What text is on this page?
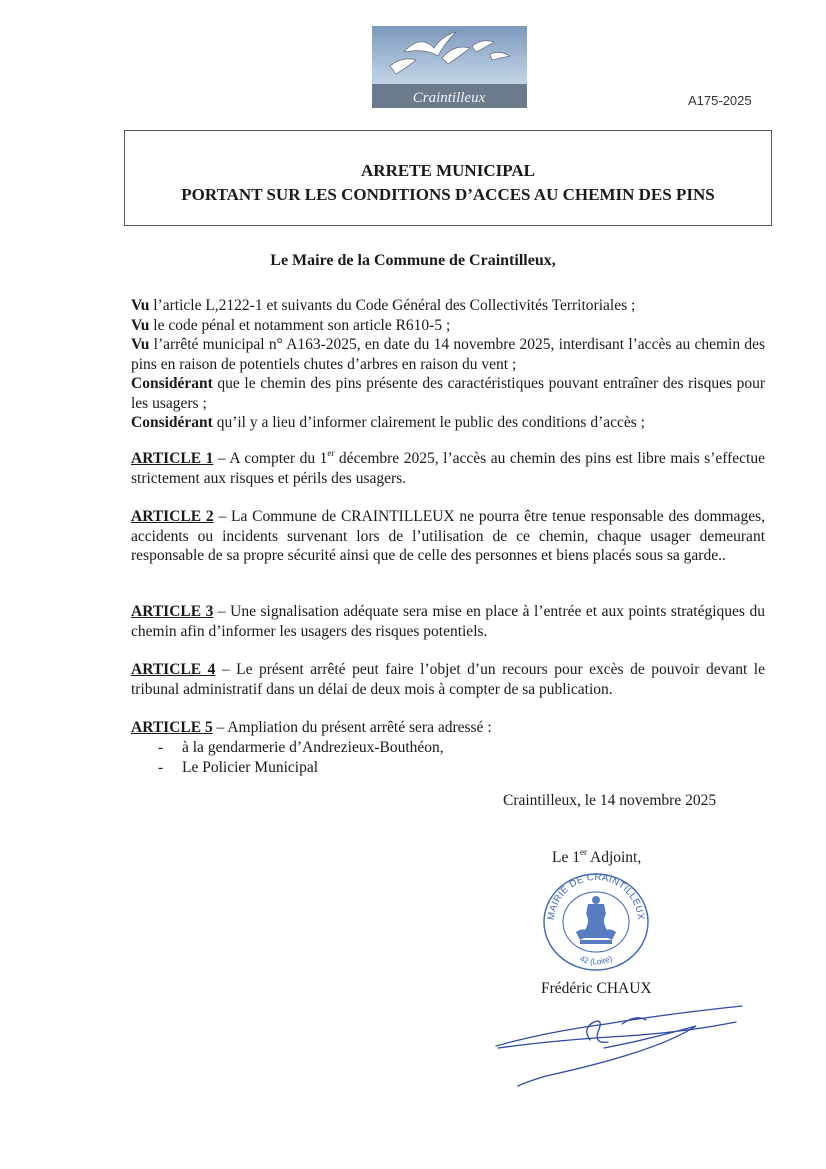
Craintilleux	A175-2025
ARRETE MUNICIPAL
PORTANT SUR LES CONDITIONS D’ACCES AU CHEMIN DES PINS
Le Maire de la Commune de Craintilleux,
Vu l’article L,2122-1 et suivants du Code Général des Collectivités Territoriales ;
Vu le code pénal et notamment son article R610-5 ;
Vu l’arrêté municipal n° A163-2025, en date du 14 novembre 2025, interdisant l’accès au chemin des pins en raison de potentiels chutes d’arbres en raison du vent ;
Considérant que le chemin des pins présente des caractéristiques pouvant entraîner des risques pour les usagers ;
Considérant qu’il y a lieu d’informer clairement le public des conditions d’accès ;
ARTICLE 1 – A compter du 1er décembre 2025, l’accès au chemin des pins est libre mais s’effectue strictement aux risques et périls des usagers.
ARTICLE 2 – La Commune de CRAINTILLEUX ne pourra être tenue responsable des dommages, accidents ou incidents survenant lors de l’utilisation de ce chemin, chaque usager demeurant responsable de sa propre sécurité ainsi que de celle des personnes et biens placés sous sa garde..
ARTICLE 3 – Une signalisation adéquate sera mise en place à l’entrée et aux points stratégiques du chemin afin d’informer les usagers des risques potentiels.
ARTICLE 4 – Le présent arrêté peut faire l’objet d’un recours pour excès de pouvoir devant le tribunal administratif dans un délai de deux mois à compter de sa publication.
ARTICLE 5 – Ampliation du présent arrêté sera adressé :
- à la gendarmerie d’Andrezieux-Bouthéon,
- Le Policier Municipal
Craintilleux, le 14 novembre 2025
Le 1er Adjoint,
MAIRIE DE CRAINTILLEUX
42 (Loire)
Frédéric CHAUX
